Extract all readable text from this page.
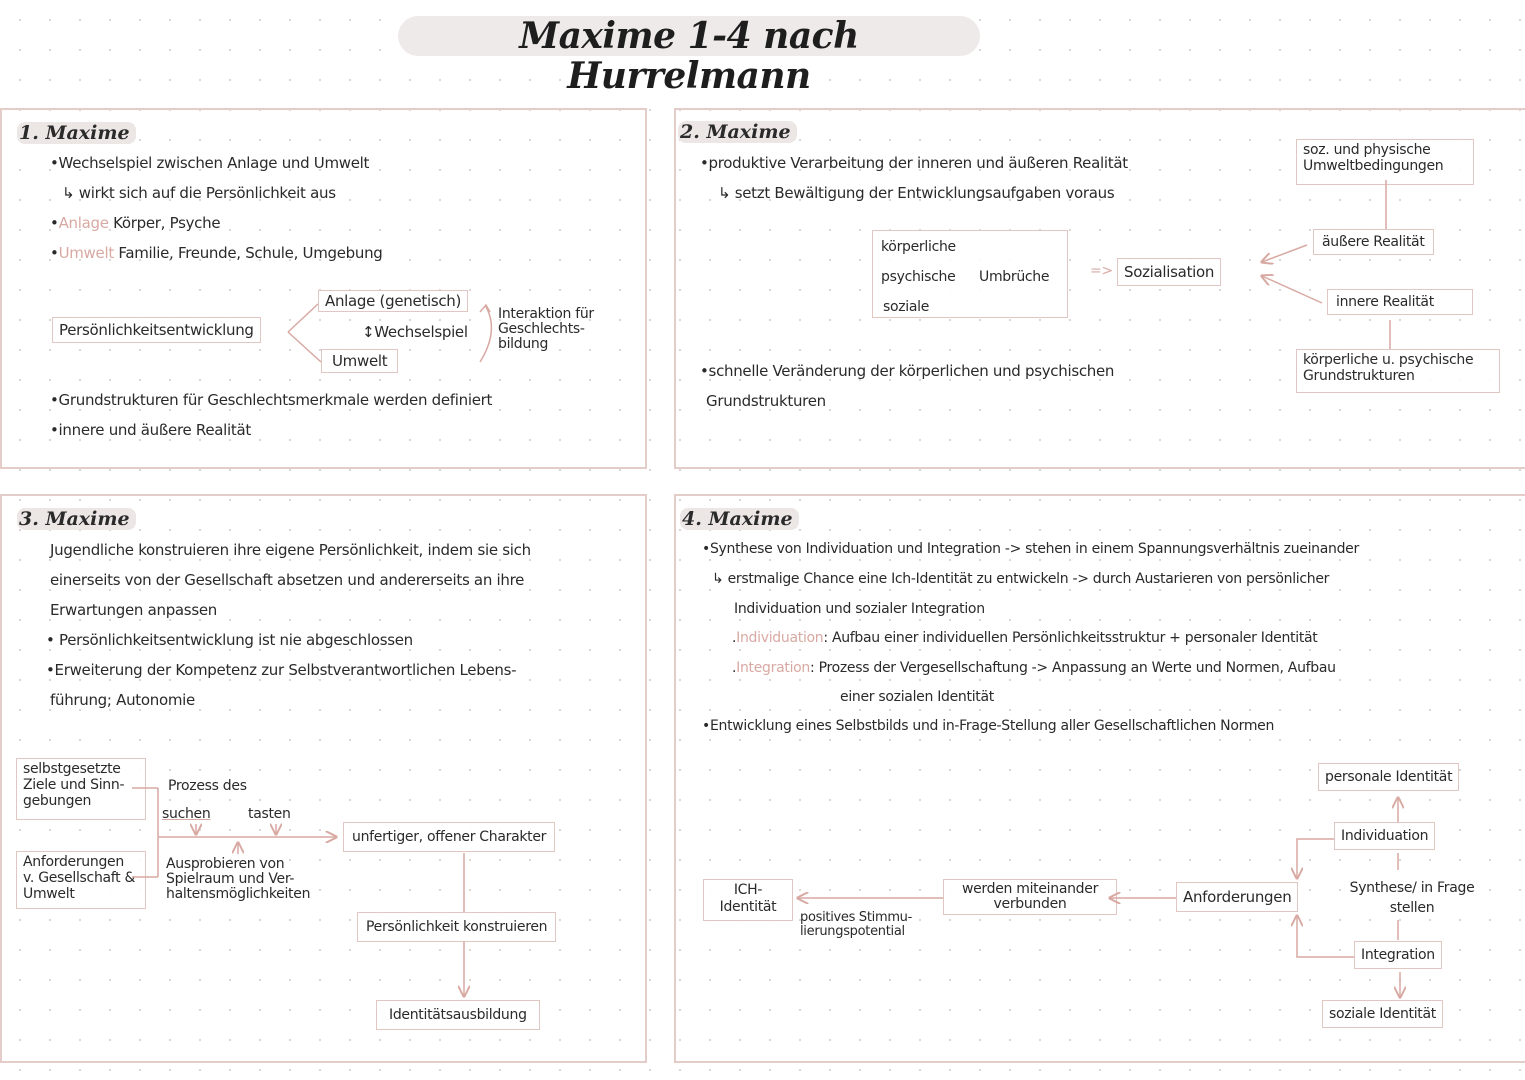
Maxime 1-4 nach Hurrelmann
1. Maxime
•Wechselspiel zwischen Anlage und Umwelt
↳ wirkt sich auf die Persönlichkeit aus
•Anlage Körper, Psyche
•Umwelt Familie, Freunde, Schule, Umgebung
Persönlichkeitsentwicklung
Anlage (genetisch)
↕Wechselspiel
Umwelt
Interaktion für Geschlechts-bildung
•Grundstrukturen für Geschlechtsmerkmale werden definiert
•innere und äußere Realität
2. Maxime
•produktive Verarbeitung der inneren und äußeren Realität
↳ setzt Bewältigung der Entwicklungsaufgaben voraus
körperliche
psychische
soziale
Umbrüche	=> Sozialisation
soz. und physische Umweltbedingungen
äußere Realität
innere Realität
körperliche u. psychische Grundstrukturen
•schnelle Veränderung der körperlichen und psychischen
Grundstrukturen
3. Maxime
Jugendliche konstruieren ihre eigene Persönlichkeit, indem sie sich
einerseits von der Gesellschaft absetzen und andererseits an ihre
Erwartungen anpassen
• Persönlichkeitsentwicklung ist nie abgeschlossen
•Erweiterung der Kompetenz zur Selbstverantwortlichen Lebens-
führung; Autonomie
selbstgesetzte Ziele und Sinn-gebungen
Prozess des
suchen	tasten
Anforderungen v. Gesellschaft & Umwelt
Ausprobieren von Spielraum und Ver-haltensmöglichkeiten
unfertiger, offener Charakter
Persönlichkeit konstruieren
Identitätsausbildung
4. Maxime
•Synthese von Individuation und Integration -> stehen in einem Spannungsverhältnis zueinander
↳ erstmalige Chance eine Ich-Identität zu entwickeln -> durch Austarieren von persönlicher
Individuation und sozialer Integration
.Individuation: Aufbau einer individuellen Persönlichkeitsstruktur + personaler Identität
.Integration: Prozess der Vergesellschaftung -> Anpassung an Werte und Normen, Aufbau
einer sozialen Identität
•Entwicklung eines Selbstbilds und in-Frage-Stellung aller Gesellschaftlichen Normen
personale Identität
Individuation
Synthese/ in Frage stellen
Integration
soziale Identität
Anforderungen
werden miteinander verbunden
positives Stimmu-lierungspotential
ICH-Identität
